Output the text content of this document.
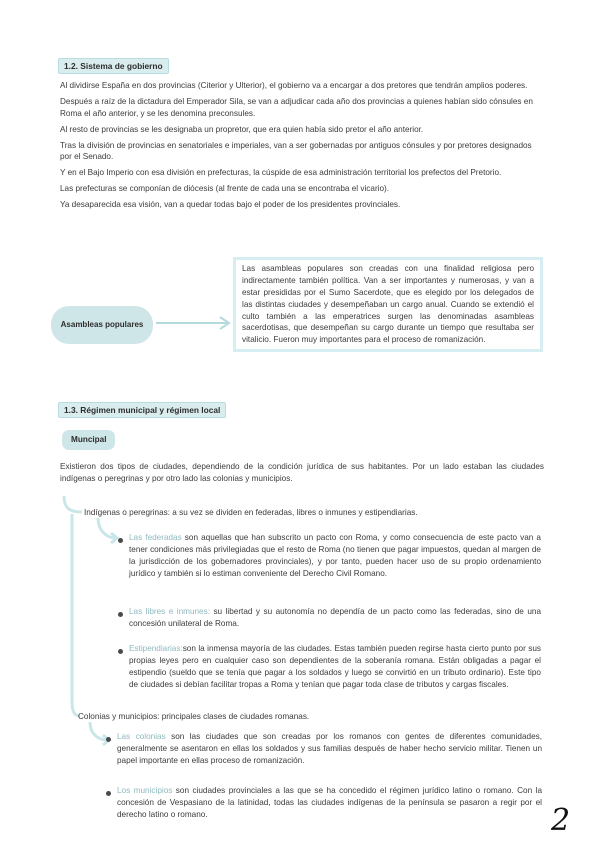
1.2. Sistema de gobierno

Al dividirse España en dos provincias (Citerior y Ulterior), el gobierno va a encargar a dos pretores que tendrán amplios poderes.

Después a raíz de la dictadura del Emperador Sila, se van a adjudicar cada año dos provincias a quienes habían sido cónsules en Roma el año anterior, y se les denomina preconsules.

Al resto de provincias se les designaba un propretor, que era quien había sido pretor el año anterior.

Tras la división de provincias en senatoriales e imperiales, van a ser gobernadas por antiguos cónsules y por pretores designados por el Senado.

Y en el Bajo Imperio con esa división en prefecturas, la cúspide de esa administración territorial los prefectos del Pretorio.

Las prefecturas se componían de diócesis (al frente de cada una se encontraba el vicario).

Ya desaparecida esa visión, van a quedar todas bajo el poder de los presidentes provinciales.

Asambleas populares
Las asambleas populares son creadas con una finalidad religiosa pero indirectamente también política. Van a ser importantes y numerosas, y van a estar presididas por el Sumo Sacerdote, que es elegido por los delegados de las distintas ciudades y desempeñaban un cargo anual. Cuando se extendió el culto también a las emperatrices surgen las denominadas asambleas sacerdotisas, que desempeñan su cargo durante un tiempo que resultaba ser vitalicio. Fueron muy importantes para el proceso de romanización.
1.3. Régimen municipal y régimen local
Muncipal
Existieron dos tipos de ciudades, dependiendo de la condición jurídica de sus habitantes. Por un lado estaban las ciudades indígenas o peregrinas y por otro lado las colonias y municipios.
Indígenas o peregrinas: a su vez se dividen en federadas, libres o inmunes y estipendiarias.
Las federadas son aquellas que han subscrito un pacto con Roma, y como consecuencia de este pacto van a tener condiciones más privilegiadas que el resto de Roma (no tienen que pagar impuestos, quedan al margen de la jurisdicción de los gobernadores provinciales), y por tanto, pueden hacer uso de su propio ordenamiento jurídico y también si lo estiman conveniente del Derecho Civil Romano.
Las libres e inmunes: su libertad y su autonomía no dependía de un pacto como las federadas, sino de una concesión unilateral de Roma.
Estipendiarias:son la inmensa mayoría de las ciudades. Estas también pueden regirse hasta cierto punto por sus propias leyes pero en cualquier caso son dependientes de la soberanía romana. Están obligadas a pagar el estipendio (sueldo que se tenía que pagar a los soldados y luego se convirtió en un tributo ordinario). Este tipo de ciudades si debían facilitar tropas a Roma y tenían que pagar toda clase de tributos y cargas fiscales.
Colonias y municipios: principales clases de ciudades romanas.
Las colonias son las ciudades que son creadas por los romanos con gentes de diferentes comunidades, generalmente se asentaron en ellas los soldados y sus familias después de haber hecho servicio militar. Tienen un papel importante en ellas proceso de romanización.
Los municipios son ciudades provinciales a las que se ha concedido el régimen jurídico latino o romano. Con la concesión de Vespasiano de la latinidad, todas las ciudades indígenas de la península se pasaron a regir por el derecho latino o romano.	2
